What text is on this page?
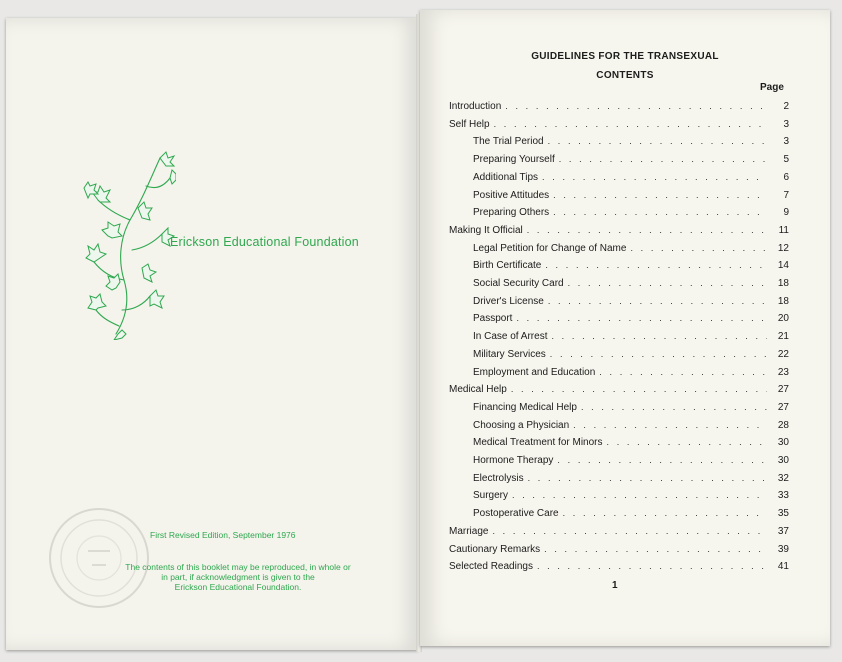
Erickson Educational Foundation
First Revised Edition, September 1976
The contents of this booklet may be reproduced, in whole or
in part, if acknowledgment is given to the
Erickson Educational Foundation.
GUIDELINES FOR THE TRANSEXUAL
CONTENTS
Page
Introduction . . .	2
Self Help . . .	3
The Trial Period . . .	3
Preparing Yourself . . .	5
Additional Tips . . .	6
Positive Attitudes . . .	7
Preparing Others . . .	9
Making It Official . . .	11
Legal Petition for Change of Name . . .	12
Birth Certificate . . .	14
Social Security Card . . .	18
Driver's License . . .	18
Passport . . .	20
In Case of Arrest . . .	21
Military Services . . .	22
Employment and Education . . .	23
Medical Help . . .	27
Financing Medical Help . . .	27
Choosing a Physician . . .	28
Medical Treatment for Minors . . .	30
Hormone Therapy . . .	30
Electrolysis . . .	32
Surgery . . .	33
Postoperative Care . . .	35
Marriage . . .	37
Cautionary Remarks . . .	39
Selected Readings . . .	41
1
